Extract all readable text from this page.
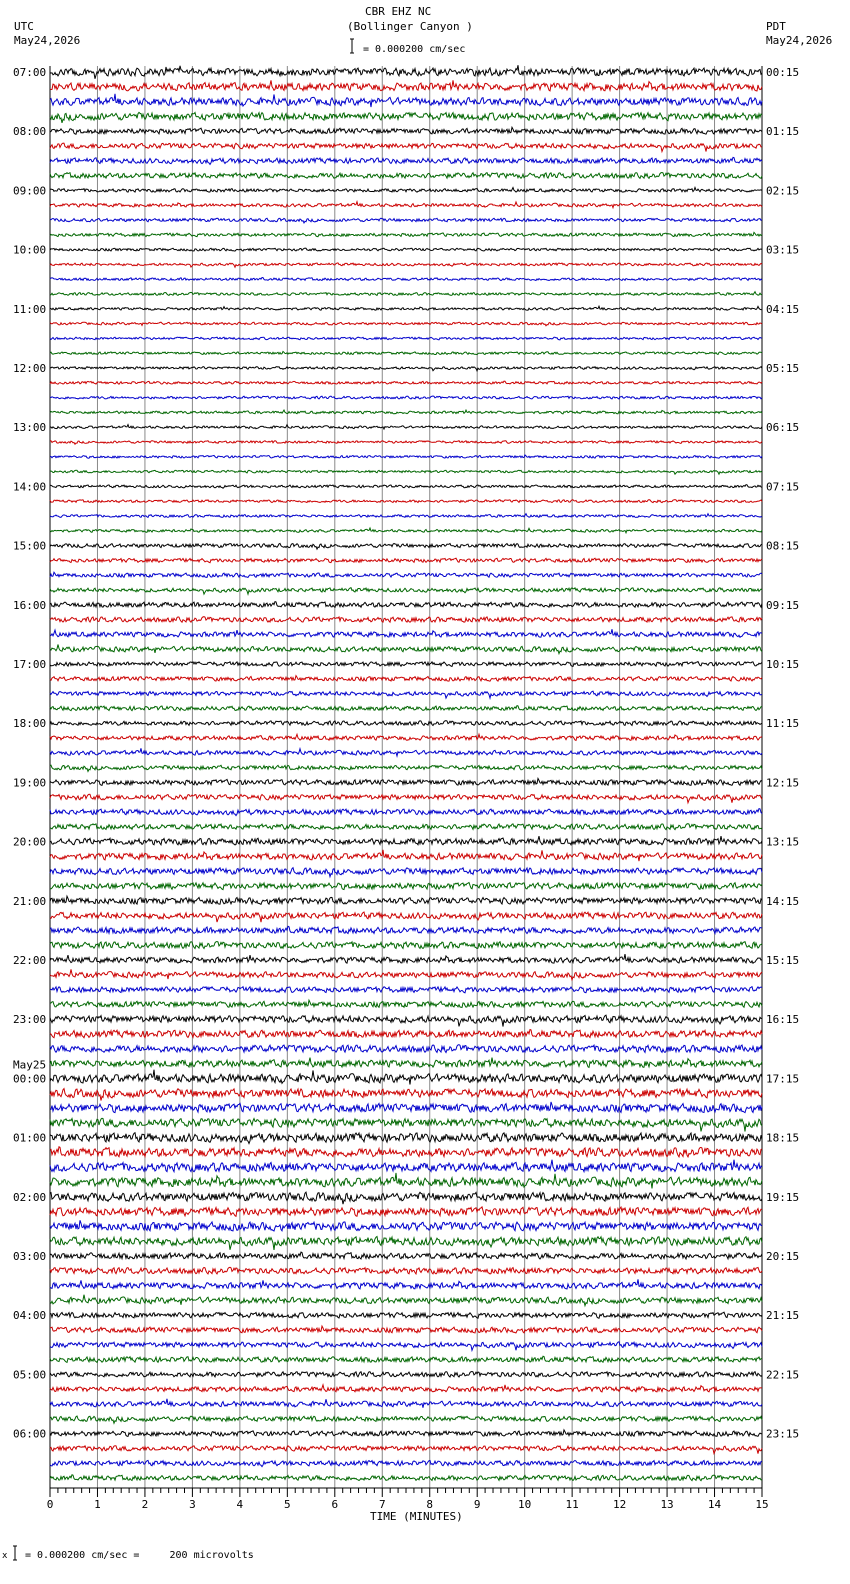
CBR EHZ NC
(Bollinger Canyon )
= 0.000200 cm/sec
UTC
May24,2026
PDT
May24,2026
TIME (MINUTES)
x = 0.000200 cm/sec =     200 microvolts
07:00	00:15
08:00	01:15
09:00	02:15
10:00	03:15
11:00	04:15
12:00	05:15
13:00	06:15
14:00	07:15
15:00	08:15
16:00	09:15
17:00	10:15
18:00	11:15
19:00	12:15
20:00	13:15
21:00	14:15
22:00	15:15
23:00	16:15
00:00	17:15
01:00	18:15
02:00	19:15
03:00	20:15
04:00	21:15
05:00	22:15
06:00	23:15
May25
0	1	2	3	4	5	6	7	8	9	10	11	12	13	14	15
